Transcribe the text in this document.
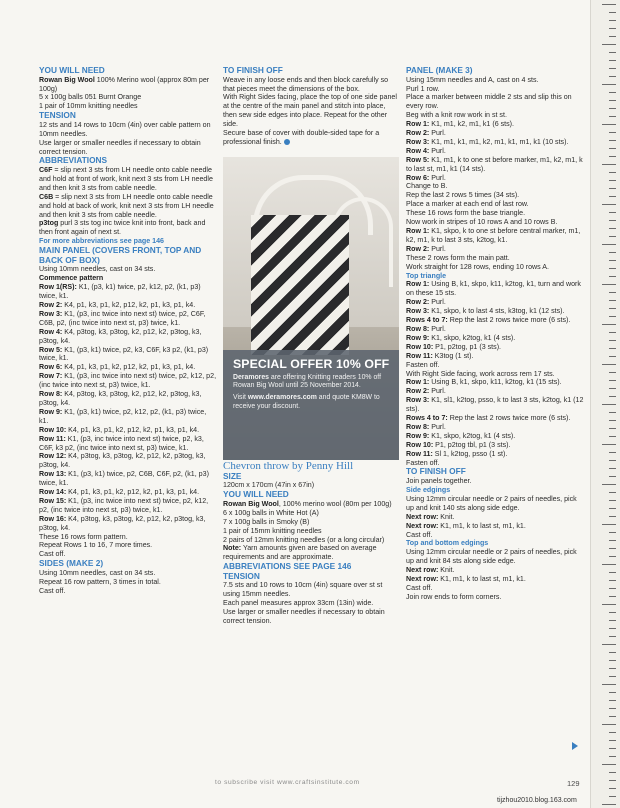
YOU WILL NEED

Rowan Big Wool 100% Merino wool (approx 80m per 100g)

5 x 100g balls 051 Burnt Orange

1 pair of 10mm knitting needles

TENSION

12 sts and 14 rows to 10cm (4in) over cable pattern on 10mm needles.

Use larger or smaller needles if necessary to obtain correct tension.

ABBREVIATIONS

C6F = slip next 3 sts from LH needle onto cable needle and hold at front of work, knit next 3 sts from LH needle and then knit 3 sts from cable needle.

C6B = slip next 3 sts from LH needle onto cable needle and hold at back of work, knit next 3 sts from LH needle and then knit 3 sts from cable needle.

p3tog purl 3 sts tog inc twice knit into front, back and then front again of next st.

For more abbreviations see page 146

MAIN PANEL (COVERS FRONT, TOP AND BACK OF BOX)

Using 10mm needles, cast on 34 sts.

Commence pattern

Row 1(RS): K1, (p3, k1) twice, p2, k12, p2, (k1, p3) twice, k1.

Row 2: K4, p1, k3, p1, k2, p12, k2, p1, k3, p1, k4.

Row 3: K1, (p3, inc twice into next st) twice, p2, C6F, C6B, p2, (inc twice into next st, p3) twice, k1.

Row 4: K4, p3tog, k3, p3tog, k2, p12, k2, p3tog, k3, p3tog, k4.

Row 5: K1, (p3, k1) twice, p2, k3, C6F, k3 p2, (k1, p3) twice, k1.

Row 6: K4, p1, k3, p1, k2, p12, k2, p1, k3, p1, k4.

Row 7: K1, (p3, inc twice into next st) twice, p2, k12, p2, (inc twice into next st, p3) twice, k1.

Row 8: K4, p3tog, k3, p3tog, k2, p12, k2, p3tog, k3, p3tog, k4.

Row 9: K1, (p3, k1) twice, p2, k12, p2, (k1, p3) twice, k1.

Row 10: K4, p1, k3, p1, k2, p12, k2, p1, k3, p1, k4.

Row 11: K1, (p3, inc twice into next st) twice, p2, k3, C6F, k3 p2, (inc twice into next st, p3) twice, k1.

Row 12: K4, p3tog, k3, p3tog, k2, p12, k2, p3tog, k3, p3tog, k4.

Row 13: K1, (p3, k1) twice, p2, C6B, C6F, p2, (k1, p3) twice, k1.

Row 14: K4, p1, k3, p1, k2, p12, k2, p1, k3, p1, k4.

Row 15: K1, (p3, inc twice into next st) twice, p2, k12, p2, (inc twice into next st, p3) twice, k1.

Row 16: K4, p3tog, k3, p3tog, k2, p12, k2, p3tog, k3, p3tog, k4.

These 16 rows form pattern.

Repeat Rows 1 to 16, 7 more times.

Cast off.

SIDES (MAKE 2)

Using 10mm needles, cast on 34 sts.

Repeat 16 row pattern, 3 times in total.

Cast off.

TO FINISH OFF

Weave in any loose ends and then block carefully so that pieces meet the dimensions of the box.

With Right Sides facing, place the top of one side panel at the centre of the main panel and stitch into place, then sew side edges into place. Repeat for the other side.

Secure base of cover with double-sided tape for a professional finish.

SPECIAL OFFER 10% OFF
Deramores are offering Knitting readers 10% off Rowan Big Wool until 25 November 2014.
Visit www.deramores.com and quote KM8W to receive your discount.

Chevron throw by Penny Hill

SIZE

120cm x 170cm (47in x 67in)

YOU WILL NEED

Rowan Big Wool, 100% merino wool (80m per 100g)

6 x 100g balls in White Hot (A)

7 x 100g balls in Smoky (B)

1 pair of 15mm knitting needles

2 pairs of 12mm knitting needles (or a long circular)

Note: Yarn amounts given are based on average requirements and are approximate.

ABBREVIATIONS SEE PAGE 146

TENSION

7.5 sts and 10 rows to 10cm (4in) square over st st using 15mm needles.

Each panel measures approx 33cm (13in) wide.

Use larger or smaller needles if necessary to obtain correct tension.

PANEL (MAKE 3)

Using 15mm needles and A, cast on 4 sts.

Purl 1 row.

Place a marker between middle 2 sts and slip this on every row.

Beg with a knit row work in st st.

Row 1: K1, m1, k2, m1, k1 (6 sts).

Row 2: Purl.

Row 3: K1, m1, k1, m1, k2, m1, k1, m1, k1 (10 sts).

Row 4: Purl.

Row 5: K1, m1, k to one st before marker, m1, k2, m1, k to last st, m1, k1 (14 sts).

Row 6: Purl.

Change to B.

Rep the last 2 rows 5 times (34 sts).

Place a marker at each end of last row.

These 16 rows form the base triangle.

Now work in stripes of 10 rows A and 10 rows B.

Row 1: K1, skpo, k to one st before central marker, m1, k2, m1, k to last 3 sts, k2tog, k1.

Row 2: Purl.

These 2 rows form the main patt.

Work straight for 128 rows, ending 10 rows A.

Top triangle

Row 1: Using B, k1, skpo, k11, k2tog, k1, turn and work on these 15 sts.

Row 2: Purl.

Row 3: K1, skpo, k to last 4 sts, k3tog, k1 (12 sts).

Rows 4 to 7: Rep the last 2 rows twice more (6 sts).

Row 8: Purl.

Row 9: K1, skpo, k2tog, k1 (4 sts).

Row 10: P1, p2tog, p1 (3 sts).

Row 11: K3tog (1 st).

Fasten off.

With Right Side facing, work across rem 17 sts.

Row 1: Using B, k1, skpo, k11, k2tog, k1 (15 sts).

Row 2: Purl.

Row 3: K1, sl1, k2tog, psso, k to last 3 sts, k2tog, k1 (12 sts).

Rows 4 to 7: Rep the last 2 rows twice more (6 sts).

Row 8: Purl.

Row 9: K1, skpo, k2tog, k1 (4 sts).

Row 10: P1, p2tog tbl, p1 (3 sts).

Row 11: Sl 1, k2tog, psso (1 st).

Fasten off.

TO FINISH OFF

Join panels together.

Side edgings

Using 12mm circular needle or 2 pairs of needles, pick up and knit 140 sts along side edge.

Next row: Knit.

Next row: K1, m1, k to last st, m1, k1.

Cast off.

Top and bottom edgings

Using 12mm circular needle or 2 pairs of needles, pick up and knit 84 sts along side edge.

Next row: Knit.

Next row: K1, m1, k to last st, m1, k1.

Cast off.

Join row ends to form corners.

to subscribe visit www.craftsinstitute.com	129
tijzhou2010.blog.163.com
